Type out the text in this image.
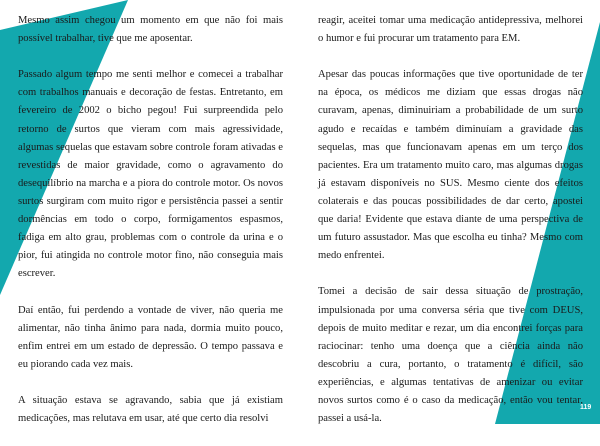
Mesmo assim chegou um momento em que não foi mais possível trabalhar, tive que me aposentar.

Passado algum tempo me senti melhor e comecei a trabalhar com trabalhos manuais e decoração de festas. Entretanto, em fevereiro de 2002 o bicho pegou! Fui surpreendida pelo retorno de surtos que vieram com mais agressividade, algumas sequelas que estavam sobre controle foram ativadas e revestidas de maior gravidade, como o agravamento do desequilíbrio na marcha e a piora do controle motor. Os novos surtos surgiram com muito rigor e persistência passei a sentir dormências em todo o corpo, formigamentos espasmos, fadiga em alto grau, problemas com o controle da urina e o pior, fui atingida no controle motor fino, não conseguia mais escrever.

Daí então, fui perdendo a vontade de viver, não queria me alimentar, não tinha ânimo para nada, dormia muito pouco, enfim entrei em um estado de depressão. O tempo passava e eu piorando cada vez mais.

A situação estava se agravando, sabia que já existiam medicações, mas relutava em usar, até que certo dia resolvi

reagir, aceitei tomar uma medicação antidepressiva, melhorei o humor e fui procurar um tratamento para EM.

Apesar das poucas informações que tive oportunidade de ter na época, os médicos me diziam que essas drogas não curavam, apenas, diminuiriam a probabilidade de um surto agudo e recaídas e também diminuíam a gravidade das sequelas, mas que funcionavam apenas em um terço dos pacientes. Era um tratamento muito caro, mas algumas drogas já estavam disponíveis no SUS. Mesmo ciente dos efeitos colaterais e das poucas possibilidades de dar certo, apostei que daria! Evidente que estava diante de uma perspectiva de um futuro assustador. Mas que escolha eu tinha? Mesmo com medo enfrentei.

Tomei a decisão de sair dessa situação de prostração, impulsionada por uma conversa séria que tive com DEUS, depois de muito meditar e rezar, um dia encontrei forças para raciocinar: tenho uma doença que a ciência ainda não descobriu a cura, portanto, o tratamento é difícil, são experiências, e algumas tentativas de amenizar ou evitar novos surtos como é o caso da medicação, então vou tentar, passei a usá-la.

119
